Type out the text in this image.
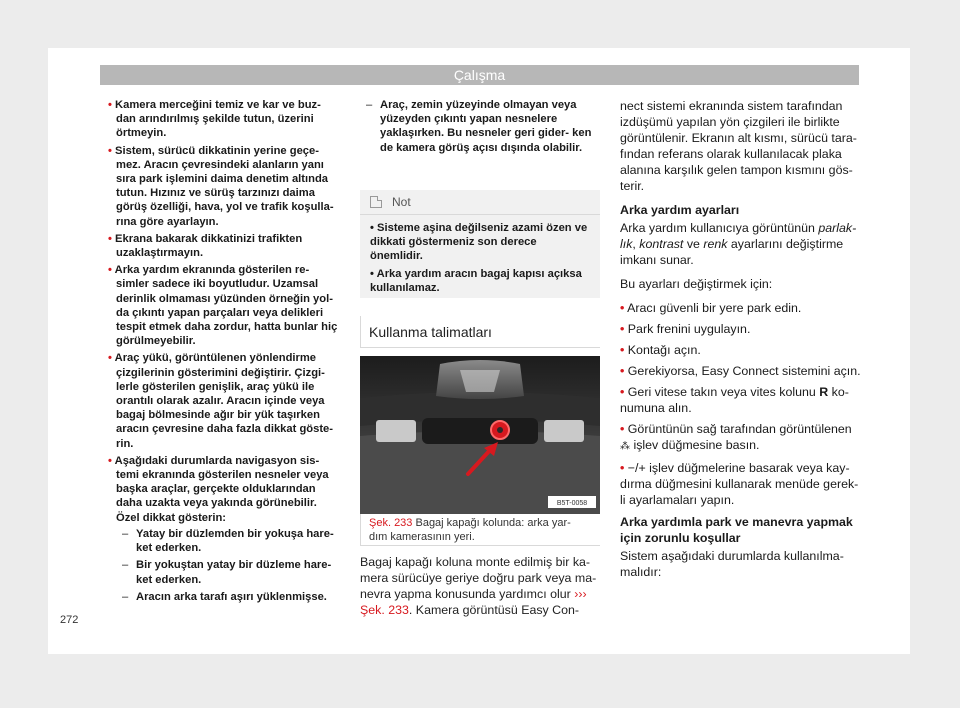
Çalışma
• Kamera merceğini temiz ve kar ve buz- dan arındırılmış şekilde tutun, üzerini örtmeyin.
• Sistem, sürücü dikkatinin yerine geçe- mez. Aracın çevresindeki alanların yanı sıra park işlemini daima denetim altında tutun. Hızınız ve sürüş tarzınızı daima görüş özelliği, hava, yol ve trafik koşulla- rına göre ayarlayın.
• Ekrana bakarak dikkatinizi trafikten uzaklaştırmayın.
• Arka yardım ekranında gösterilen re- simler sadece iki boyutludur. Uzamsal derinlik olmaması yüzünden örneğin yol- da çıkıntı yapan parçaları veya delikleri tespit etmek daha zordur, hatta bunlar hiç görülmeyebilir.
• Araç yükü, görüntülenen yönlendirme çizgilerinin gösterimini değiştirir. Çizgi- lerle gösterilen genişlik, araç yükü ile orantılı olarak azalır. Aracın içinde veya bagaj bölmesinde ağır bir yük taşırken aracın çevresine daha fazla dikkat göste- rin.
• Aşağıdaki durumlarda navigasyon sis- temi ekranında gösterilen nesneler veya başka araçlar, gerçekte olduklarından daha uzakta veya yakında görünebilir. Özel dikkat gösterin:
– Yatay bir düzlemden bir yokuşa hare- ket ederken.
– Bir yokuştan yatay bir düzleme hare- ket ederken.
– Aracın arka tarafı aşırı yüklenmişse.
– Araç, zemin yüzeyinde olmayan veya yüzeyden çıkıntı yapan nesnelere yaklaşırken. Bu nesneler geri gider- ken de kamera görüş açısı dışında olabilir.
Not
• Sisteme aşina değilseniz azami özen ve dikkati göstermeniz son derece önemlidir.
• Arka yardım aracın bagaj kapısı açıksa kullanılamaz.
Kullanma talimatları
B5T-0058
Şek. 233 Bagaj kapağı kolunda: arka yar- dım kamerasının yeri.

Bagaj kapağı koluna monte edilmiş bir ka- mera sürücüye geriye doğru park veya ma- nevra yapma konusunda yardımcı olur ››› Şek. 233. Kamera görüntüsü Easy Con-

nect sistemi ekranında sistem tarafından izdüşümü yapılan yön çizgileri ile birlikte görüntülenir. Ekranın alt kısmı, sürücü tara- fından referans olarak kullanılacak plaka alanına karşılık gelen tampon kısmını gös- terir.

Arka yardım ayarları

Arka yardım kullanıcıya görüntünün parlak- lık, kontrast ve renk ayarlarını değiştirme imkanı sunar.

Bu ayarları değiştirmek için:

• Aracı güvenli bir yere park edin.
• Park frenini uygulayın.
• Kontağı açın.
• Gerekiyorsa, Easy Connect sistemini açın.
• Geri vitese takın veya vites kolunu R ko- numuna alın.
• Görüntünün sağ tarafından görüntülenen
⁂ işlev düğmesine basın.
• −/+ işlev düğmelerine basarak veya kay- dırma düğmesini kullanarak menüde gerek- li ayarlamaları yapın.
Arka yardımla park ve manevra yapmak için zorunlu koşullar

Sistem aşağıdaki durumlarda kullanılma- malıdır:

272
